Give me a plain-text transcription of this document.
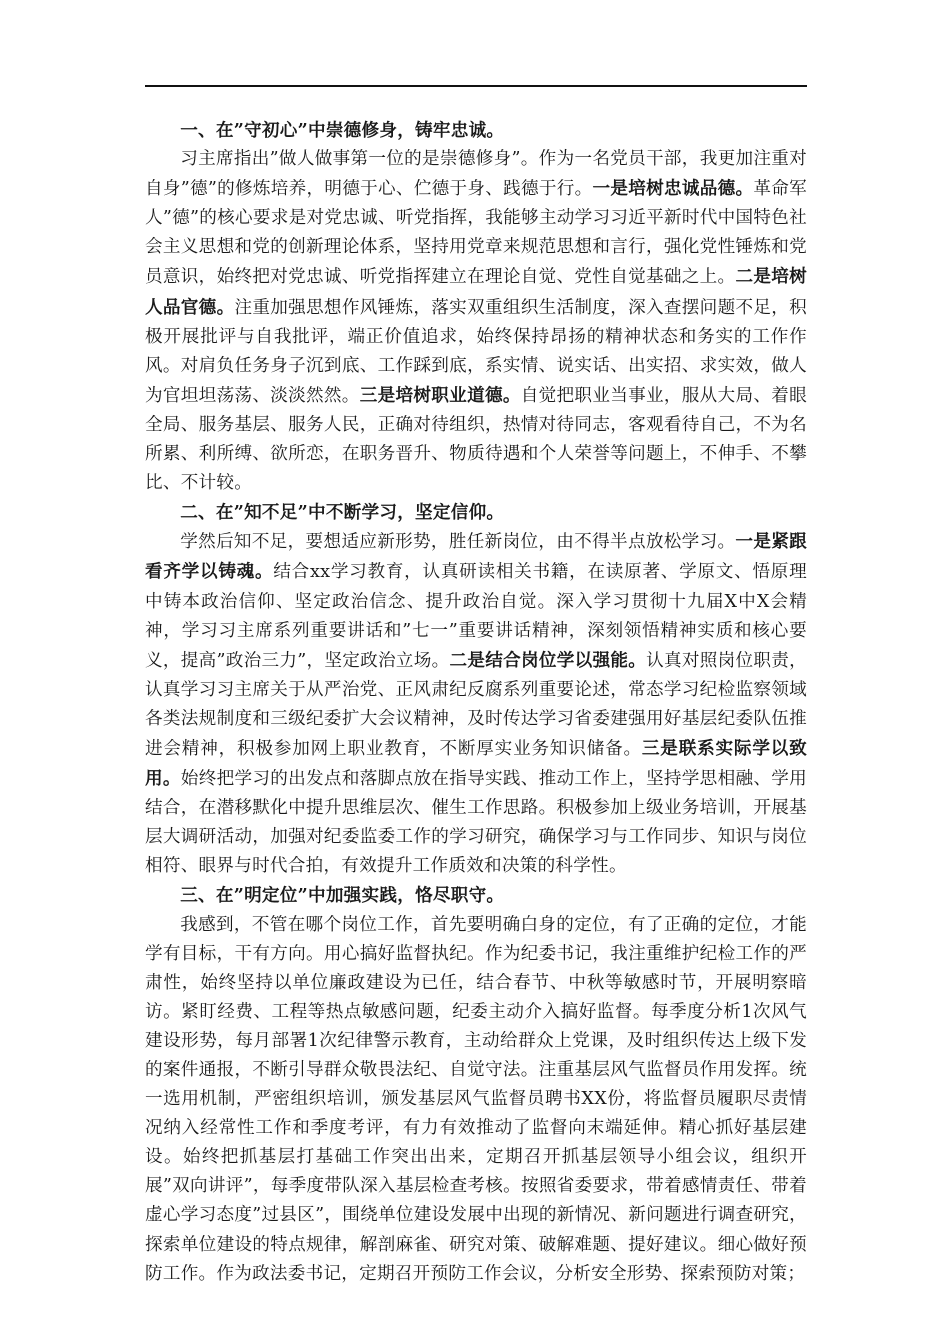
一、在”守初心”中崇德修身，铸牢忠诚。

习主席指出”做人做事第一位的是崇德修身”。作为一名党员干部，我更加注重对自身”德”的修炼培养，明德于心、伫德于身、践德于行。一是培树忠诚品德。革命军人”德”的核心要求是对党忠诚、听党指挥，我能够主动学习习近平新时代中国特色社会主义思想和党的创新理论体系，坚持用党章来规范思想和言行，强化党性锤炼和党员意识，始终把对党忠诚、听党指挥建立在理论自觉、党性自觉基础之上。二是培树人品官德。注重加强思想作风锤炼，落实双重组织生活制度，深入查摆问题不足，积极开展批评与自我批评，端正价值追求，始终保持昂扬的精神状态和务实的工作作风。对肩负任务身子沉到底、工作踩到底，系实情、说实话、出实招、求实效，做人为官坦坦荡荡、淡淡然然。三是培树职业道德。自觉把职业当事业，服从大局、着眼全局、服务基层、服务人民，正确对待组织，热情对待同志，客观看待自己，不为名所累、利所缚、欲所恋，在职务晋升、物质待遇和个人荣誉等问题上，不伸手、不攀比、不计较。

二、在”知不足”中不断学习，坚定信仰。

学然后知不足，要想适应新形势，胜任新岗位，由不得半点放松学习。一是紧跟看齐学以铸魂。结合xx学习教育，认真研读相关书籍，在读原著、学原文、悟原理中铸本政治信仰、坚定政治信念、提升政治自觉。深入学习贯彻十九届X中X会精神，学习习主席系列重要讲话和”七一”重要讲话精神，深刻领悟精神实质和核心要义，提高”政治三力”，坚定政治立场。二是结合岗位学以强能。认真对照岗位职责，认真学习习主席关于从严治党、正风肃纪反腐系列重要论述，常态学习纪检监察领域各类法规制度和三级纪委扩大会议精神，及时传达学习省委建强用好基层纪委队伍推进会精神，积极参加网上职业教育，不断厚实业务知识储备。三是联系实际学以致用。始终把学习的出发点和落脚点放在指导实践、推动工作上，坚持学思相融、学用结合，在潜移默化中提升思维层次、催生工作思路。积极参加上级业务培训，开展基层大调研活动，加强对纪委监委工作的学习研究，确保学习与工作同步、知识与岗位相符、眼界与时代合拍，有效提升工作质效和决策的科学性。

三、在”明定位”中加强实践，恪尽职守。

我感到，不管在哪个岗位工作，首先要明确白身的定位，有了正确的定位，才能学有目标，干有方向。用心搞好监督执纪。作为纪委书记，我注重维护纪检工作的严肃性，始终坚持以单位廉政建设为已任，结合春节、中秋等敏感时节，开展明察暗访。紧盯经费、工程等热点敏感问题，纪委主动介入搞好监督。每季度分析1次风气建设形势，每月部署1次纪律警示教育，主动给群众上党课，及时组织传达上级下发的案件通报，不断引导群众敬畏法纪、自觉守法。注重基层风气监督员作用发挥。统一选用机制，严密组织培训，颁发基层风气监督员聘书XX份，将监督员履职尽责情况纳入经常性工作和季度考评，有力有效推动了监督向末端延伸。精心抓好基层建设。始终把抓基层打基础工作突出出来，定期召开抓基层领导小组会议，组织开展”双向讲评”，每季度带队深入基层检查考核。按照省委要求，带着感情责任、带着虚心学习态度”过县区”，围绕单位建设发展中出现的新情况、新问题进行调查研究，探索单位建设的特点规律，解剖麻雀、研究对策、破解难题、提好建议。细心做好预防工作。作为政法委书记，定期召开预防工作会议，分析安全形势、探索预防对策；
